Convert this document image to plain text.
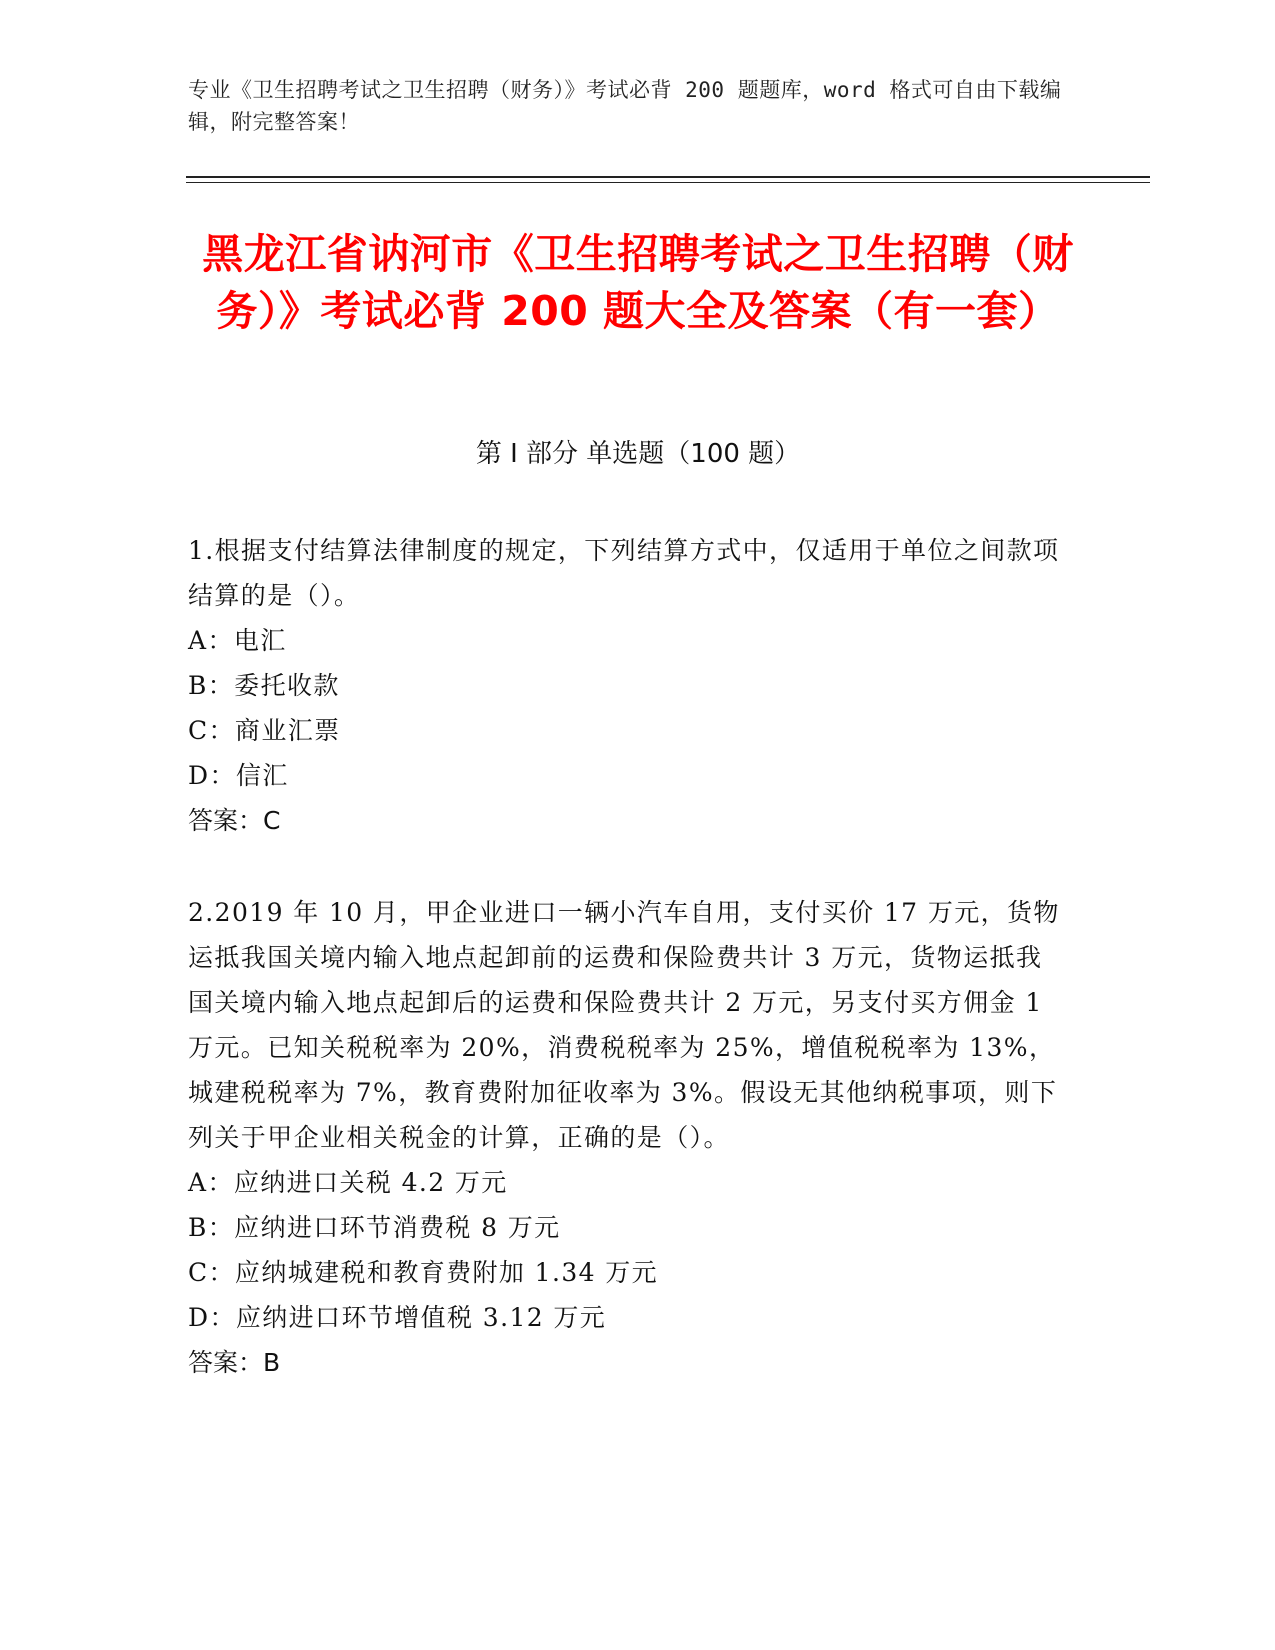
专业《卫生招聘考试之卫生招聘（财务）》考试必背 200 题题库，word 格式可自由下载编辑，附完整答案！
黑龙江省讷河市《卫生招聘考试之卫生招聘（财务）》考试必背 200 题大全及答案（有一套）
第 I 部分 单选题（100 题）
1.根据支付结算法律制度的规定，下列结算方式中，仅适用于单位之间款项结算的是（）。
A：电汇
B：委托收款
C：商业汇票
D：信汇
答案：C
2.2019 年 10 月，甲企业进口一辆小汽车自用，支付买价 17 万元，货物运抵我国关境内输入地点起卸前的运费和保险费共计 3 万元，货物运抵我国关境内输入地点起卸后的运费和保险费共计 2 万元，另支付买方佣金 1 万元。已知关税税率为 20%，消费税税率为 25%，增值税税率为 13%，城建税税率为 7%，教育费附加征收率为 3%。假设无其他纳税事项，则下列关于甲企业相关税金的计算，正确的是（）。
A：应纳进口关税 4.2 万元
B：应纳进口环节消费税 8 万元
C：应纳城建税和教育费附加 1.34 万元
D：应纳进口环节增值税 3.12 万元
答案：B
